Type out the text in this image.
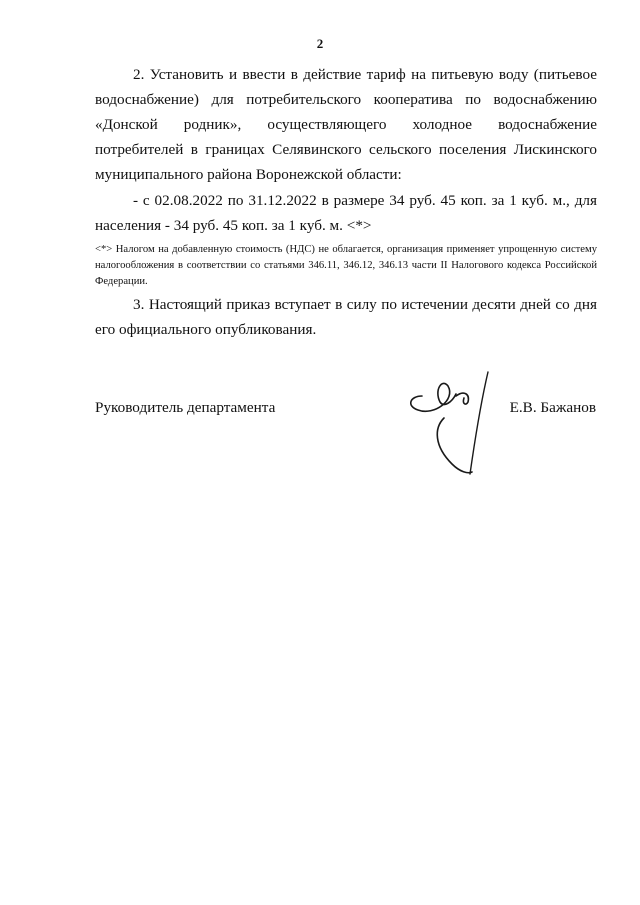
2

2. Установить и ввести в действие тариф на питьевую воду (питьевое водоснабжение) для потребительского кооператива по водоснабжению «Донской родник», осуществляющего холодное водоснабжение потребителей в границах Селявинского сельского поселения Лискинского муниципального района Воронежской области:

- с 02.08.2022 по 31.12.2022 в размере 34 руб. 45 коп. за 1 куб. м., для населения - 34 руб. 45 коп. за 1 куб. м. <*>

<*> Налогом на добавленную стоимость (НДС) не облагается, организация применяет упрощенную систему налогообложения в соответствии со статьями 346.11, 346.12, 346.13 части II Налогового кодекса Российской Федерации.

3. Настоящий приказ вступает в силу по истечении десяти дней со дня его официального опубликования.

Руководитель департамента	Е.В. Бажанов
